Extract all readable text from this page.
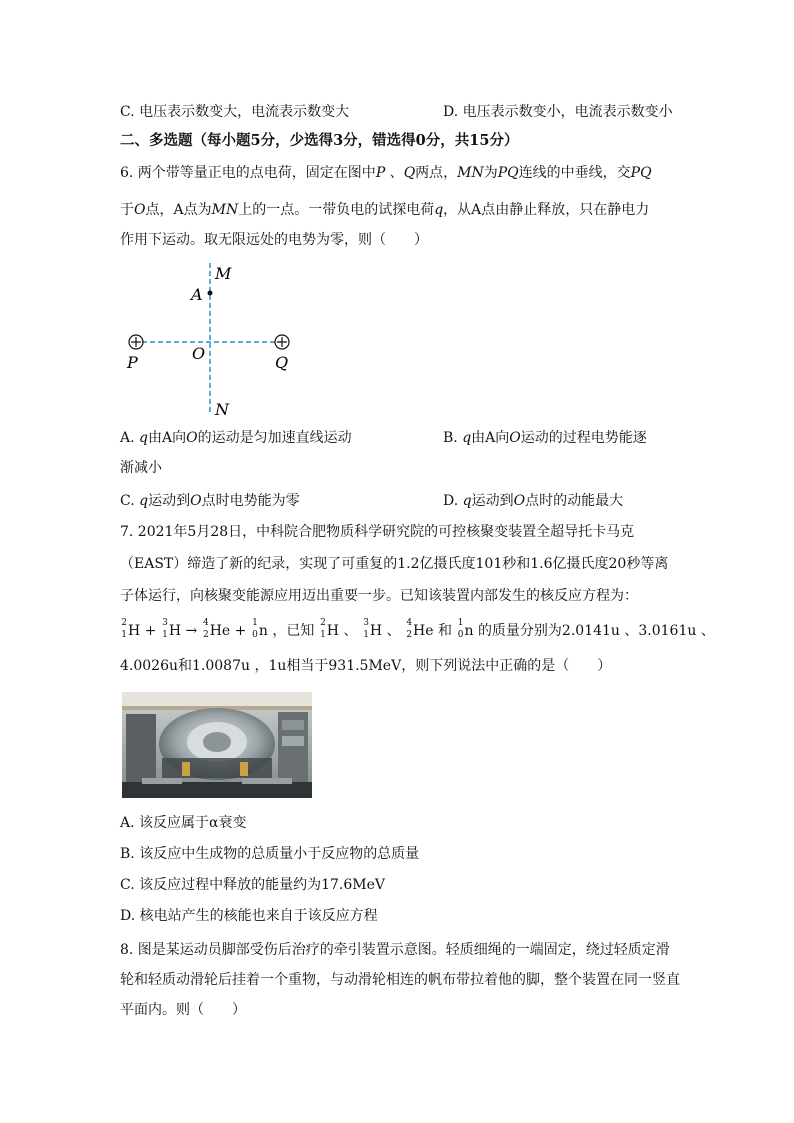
C. 电压表示数变大，电流表示数变大	D. 电压表示数变小，电流表示数变小
二、多选题（每小题5分，少选得3分，错选得0分，共15分）
6. 两个带等量正电的点电荷，固定在图中P 、Q两点，MN为PQ连线的中垂线，交PQ
于O点，A点为MN上的一点。一带负电的试探电荷q，从A点由静止释放，只在静电力
作用下运动。取无限远处的电势为零，则（　　）
M
A
P	O	Q
N
A. q由A向O的运动是匀加速直线运动	B. q由A向O运动的过程电势能逐
渐减小
C. q运动到O点时电势能为零	D. q运动到O点时的动能最大
7. 2021年5月28日，中科院合肥物质科学研究院的可控核聚变装置全超导托卡马克
（EAST）缔造了新的纪录，实现了可重复的1.2亿摄氏度101秒和1.6亿摄氏度20秒等离
子体运行，向核聚变能源应用迈出重要一步。已知该装置内部发生的核反应方程为：
2
1 H + 3
1 H → 4
2 He + 1
0 n ，已知 2
1 H 、 3
1 H 、 4
2 He 和 1
0 n 的质量分别为2.0141u 、3.0161u 、
4.0026u和1.0087u ，1u相当于931.5MeV，则下列说法中正确的是（　　）
A. 该反应属于α衰变
B. 该反应中生成物的总质量小于反应物的总质量
C. 该反应过程中释放的能量约为17.6MeV
D. 核电站产生的核能也来自于该反应方程
8. 图是某运动员脚部受伤后治疗的牵引装置示意图。轻质细绳的一端固定，绕过轻质定滑
轮和轻质动滑轮后挂着一个重物，与动滑轮相连的帆布带拉着他的脚，整个装置在同一竖直
平面内。则（　　）
